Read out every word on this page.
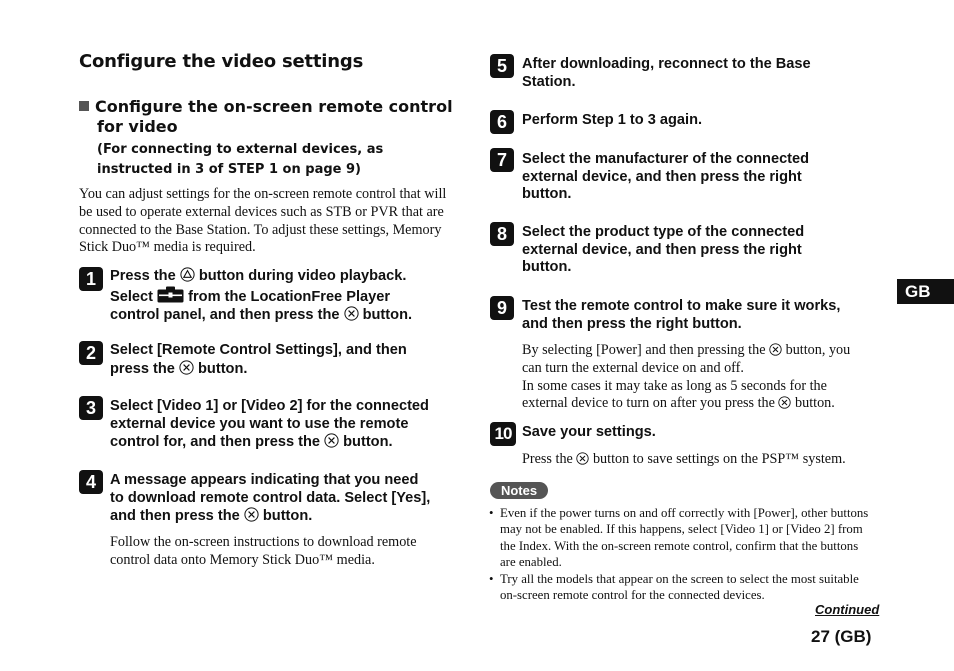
Configure the video settings
Configure the on-screen remote control
for video
(For connecting to external devices, as
instructed in 3 of STEP 1 on page 9)
You can adjust settings for the on-screen remote control that will
be used to operate external devices such as STB or PVR that are
connected to the Base Station. To adjust these settings, Memory
Stick Duo™ media is required.
1 Press the  button during video playback.
Select  from the LocationFree Player
control panel, and then press the  button.
2 Select [Remote Control Settings], and then
press the  button.
3 Select [Video 1] or [Video 2] for the connected
external device you want to use the remote
control for, and then press the  button.
4 A message appears indicating that you need
to download remote control data. Select [Yes],
and then press the  button.
Follow the on-screen instructions to download remote
control data onto Memory Stick Duo™ media.
5	After downloading, reconnect to the Base
Station.
6	Perform Step 1 to 3 again.
7	Select the manufacturer of the connected
external device, and then press the right
button.
8	Select the product type of the connected
external device, and then press the right
button.
9	Test the remote control to make sure it works,
and then press the right button.
By selecting [Power] and then pressing the  button, you
can turn the external device on and off.
In some cases it may take as long as 5 seconds for the
external device to turn on after you press the  button.
10 Save your settings.
Press the  button to save settings on the PSP™ system.
Notes
• Even if the power turns on and off correctly with [Power], other buttons may not be enabled. If this happens, select [Video 1] or [Video 2] from the Index. With the on-screen remote control, confirm that the buttons are enabled.
• Try all the models that appear on the screen to select the most suitable on-screen remote control for the connected devices.
GB
Continued
27 (GB)
